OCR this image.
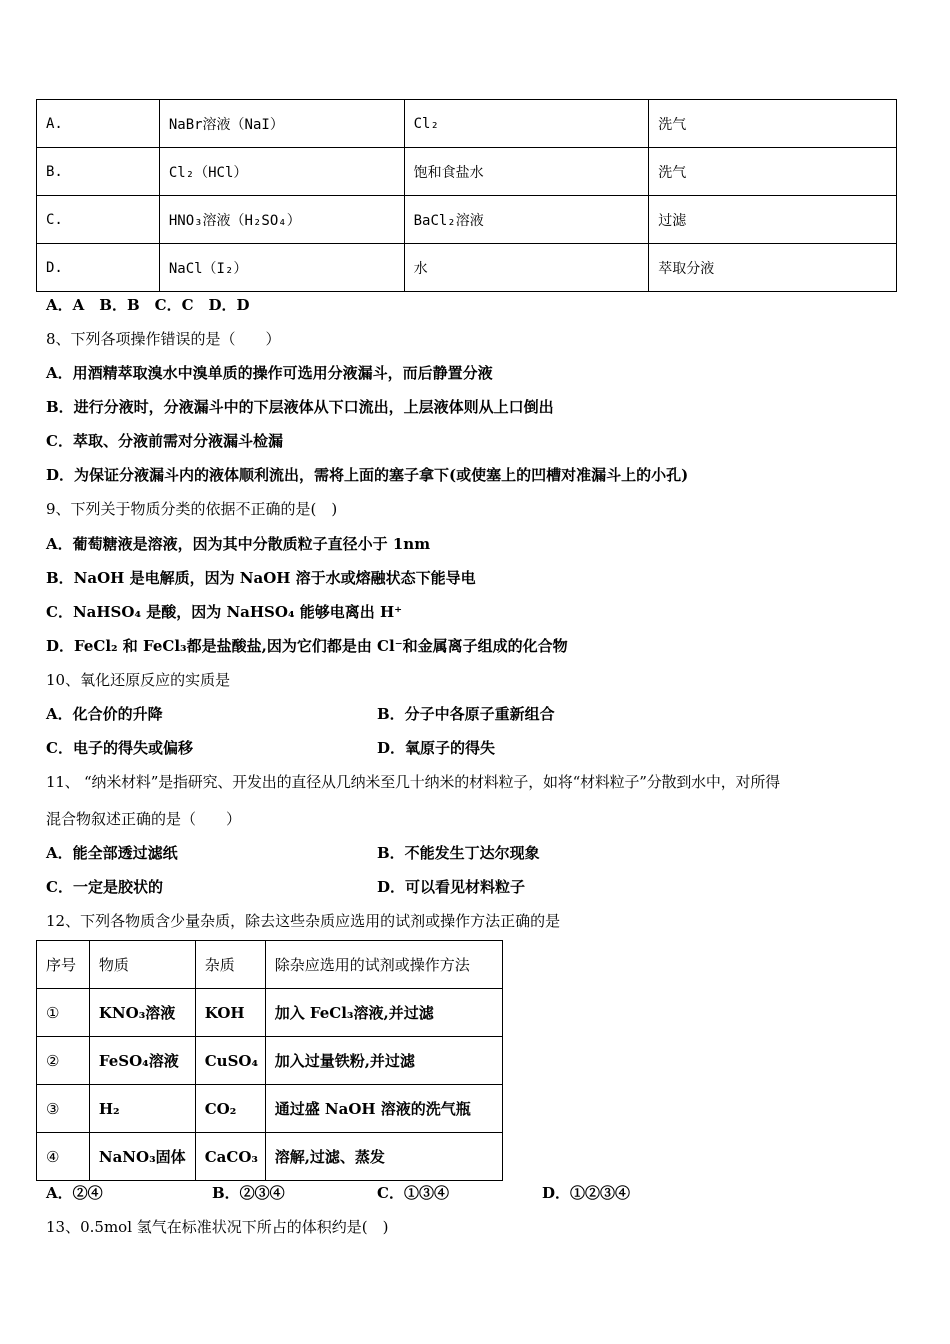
A.	NaBr溶液（NaI）	Cl₂	洗气
B.	Cl₂（HCl）	饱和食盐水	洗气
C.	HNO₃溶液（H₂SO₄）	BaCl₂溶液	过滤
D.	NaCl（I₂）	水	萃取分液
A．A　B．B　C．C　D．D
8、下列各项操作错误的是（　　）
A．用酒精萃取溴水中溴单质的操作可选用分液漏斗，而后静置分液
B．进行分液时，分液漏斗中的下层液体从下口流出，上层液体则从上口倒出
C．萃取、分液前需对分液漏斗检漏
D．为保证分液漏斗内的液体顺利流出，需将上面的塞子拿下(或使塞上的凹槽对准漏斗上的小孔)
9、下列关于物质分类的依据不正确的是(　)
A．葡萄糖液是溶液，因为其中分散质粒子直径小于 1nm
B．NaOH 是电解质，因为 NaOH 溶于水或熔融状态下能导电
C．NaHSO₄ 是酸，因为 NaHSO₄ 能够电离出 H⁺
D．FeCl₂ 和 FeCl₃都是盐酸盐,因为它们都是由 Cl⁻和金属离子组成的化合物
10、氧化还原反应的实质是
A．化合价的升降	B．分子中各原子重新组合
C．电子的得失或偏移	D．氧原子的得失
11、 “纳米材料”是指研究、开发出的直径从几纳米至几十纳米的材料粒子，如将“材料粒子”分散到水中，对所得
混合物叙述正确的是（　　）
A．能全部透过滤纸	B．不能发生丁达尔现象
C．一定是胶状的	D．可以看见材料粒子
12、下列各物质含少量杂质，除去这些杂质应选用的试剂或操作方法正确的是
序号	物质	杂质	除杂应选用的试剂或操作方法
①	KNO₃溶液	KOH	加入 FeCl₃溶液,并过滤
②	FeSO₄溶液	CuSO₄	加入过量铁粉,并过滤
③	H₂	CO₂	通过盛 NaOH 溶液的洗气瓶
④	NaNO₃固体	CaCO₃	溶解,过滤、蒸发
A．②④	B．②③④	C．①③④	D．①②③④
13、0.5mol 氢气在标准状况下所占的体积约是(　)
